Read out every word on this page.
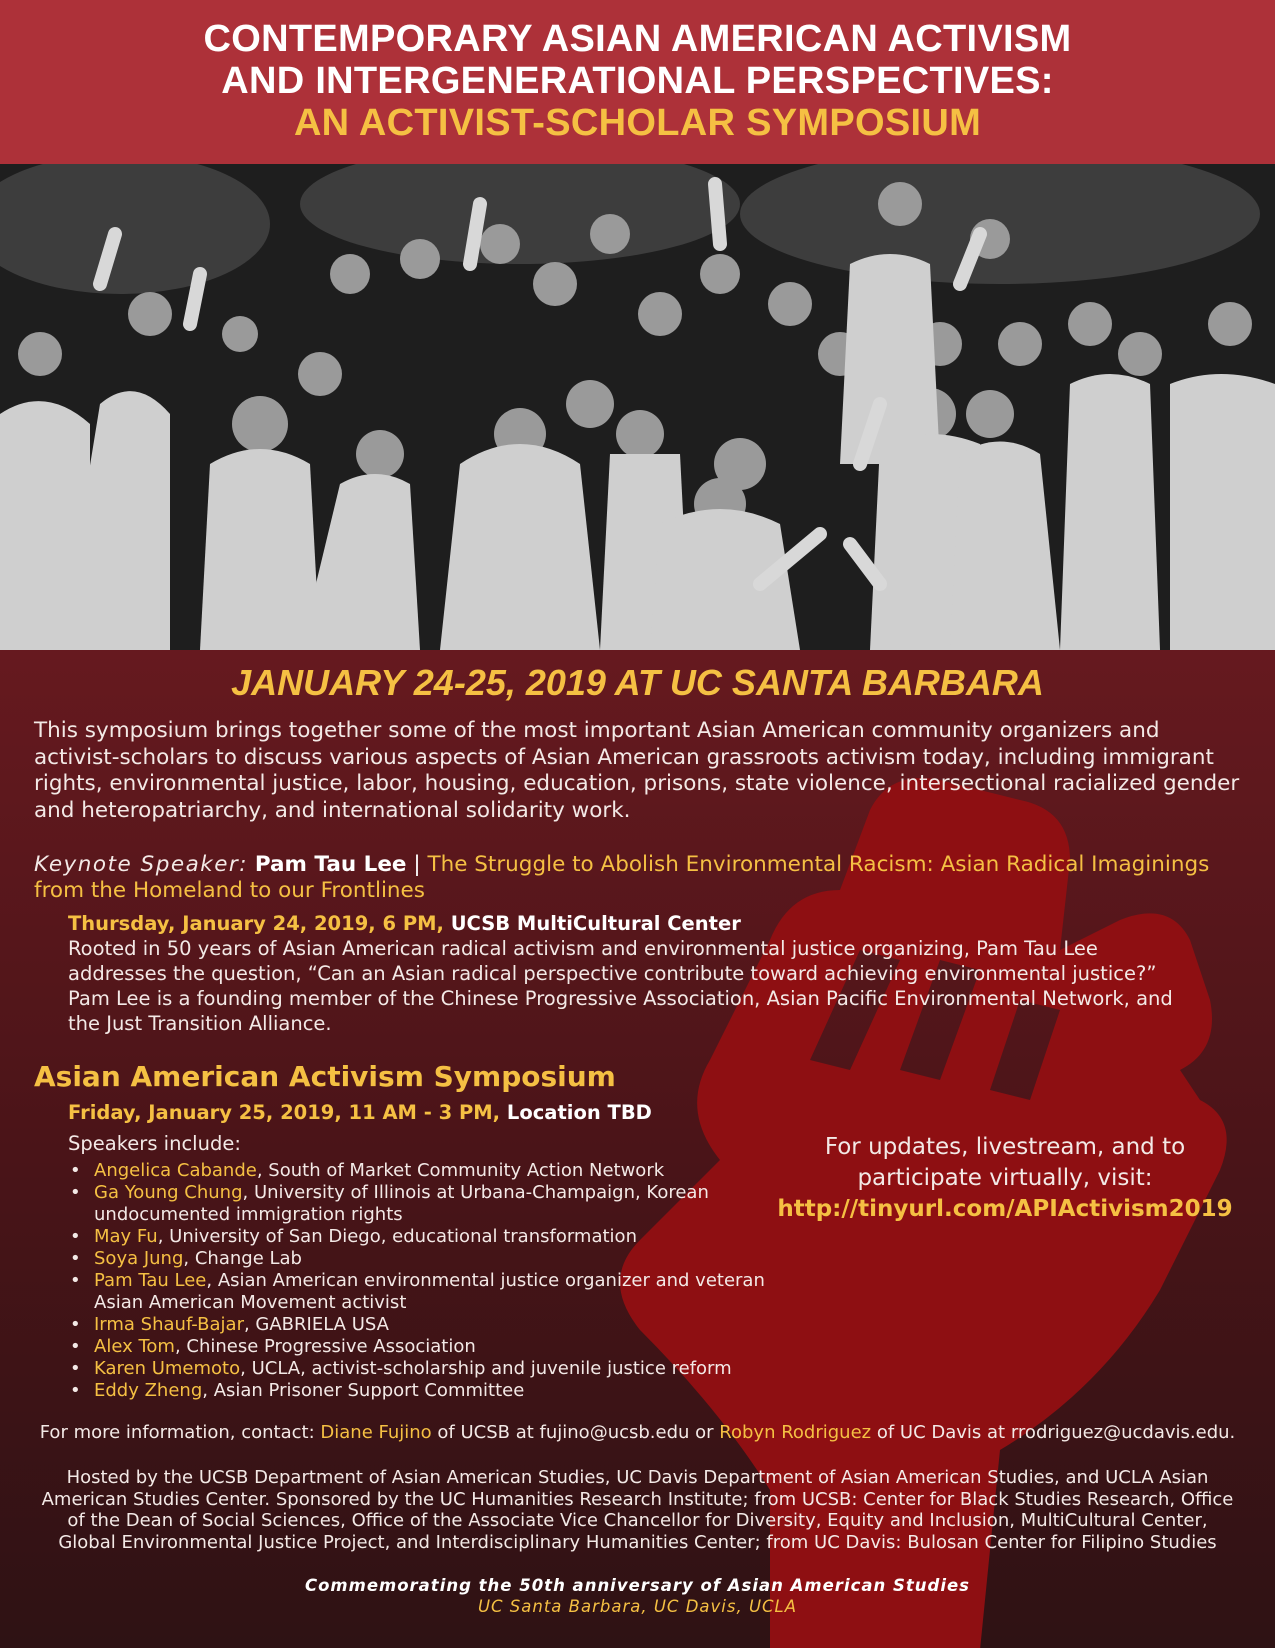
CONTEMPORARY ASIAN AMERICAN ACTIVISM
AND INTERGENERATIONAL PERSPECTIVES:
AN ACTIVIST-SCHOLAR SYMPOSIUM
JANUARY 24-25, 2019 AT UC SANTA BARBARA
This symposium brings together some of the most important Asian American community organizers and activist-scholars to discuss various aspects of Asian American grassroots activism today, including immigrant rights, environmental justice, labor, housing, education, prisons, state violence, intersectional racialized gender and heteropatriarchy, and international solidarity work.
Keynote Speaker: Pam Tau Lee | The Struggle to Abolish Environmental Racism: Asian Radical Imaginings from the Homeland to our Frontlines
Thursday, January 24, 2019, 6 PM, UCSB MultiCultural Center
Rooted in 50 years of Asian American radical activism and environmental justice organizing, Pam Tau Lee addresses the question, “Can an Asian radical perspective contribute toward achieving environmental justice?” Pam Lee is a founding member of the Chinese Progressive Association, Asian Pacific Environmental Network, and the Just Transition Alliance.
Asian American Activism Symposium
Friday, January 25, 2019, 11 AM - 3 PM, Location TBD
Speakers include:
• Angelica Cabande, South of Market Community Action Network
• Ga Young Chung, University of Illinois at Urbana-Champaign, Korean undocumented immigration rights
• May Fu, University of San Diego, educational transformation
• Soya Jung, Change Lab
• Pam Tau Lee, Asian American environmental justice organizer and veteran Asian American Movement activist
• Irma Shauf-Bajar, GABRIELA USA
• Alex Tom, Chinese Progressive Association
• Karen Umemoto, UCLA, activist-scholarship and juvenile justice reform
• Eddy Zheng, Asian Prisoner Support Committee
For updates, livestream, and to
participate virtually, visit:
http://tinyurl.com/APIActivism2019
For more information, contact: Diane Fujino of UCSB at fujino@ucsb.edu or Robyn Rodriguez of UC Davis at rrodriguez@ucdavis.edu.
Hosted by the UCSB Department of Asian American Studies, UC Davis Department of Asian American Studies, and UCLA Asian American Studies Center. Sponsored by the UC Humanities Research Institute; from UCSB: Center for Black Studies Research, Office of the Dean of Social Sciences, Office of the Associate Vice Chancellor for Diversity, Equity and Inclusion, MultiCultural Center, Global Environmental Justice Project, and Interdisciplinary Humanities Center; from UC Davis: Bulosan Center for Filipino Studies
Commemorating the 50th anniversary of Asian American Studies
UC Santa Barbara, UC Davis, UCLA
